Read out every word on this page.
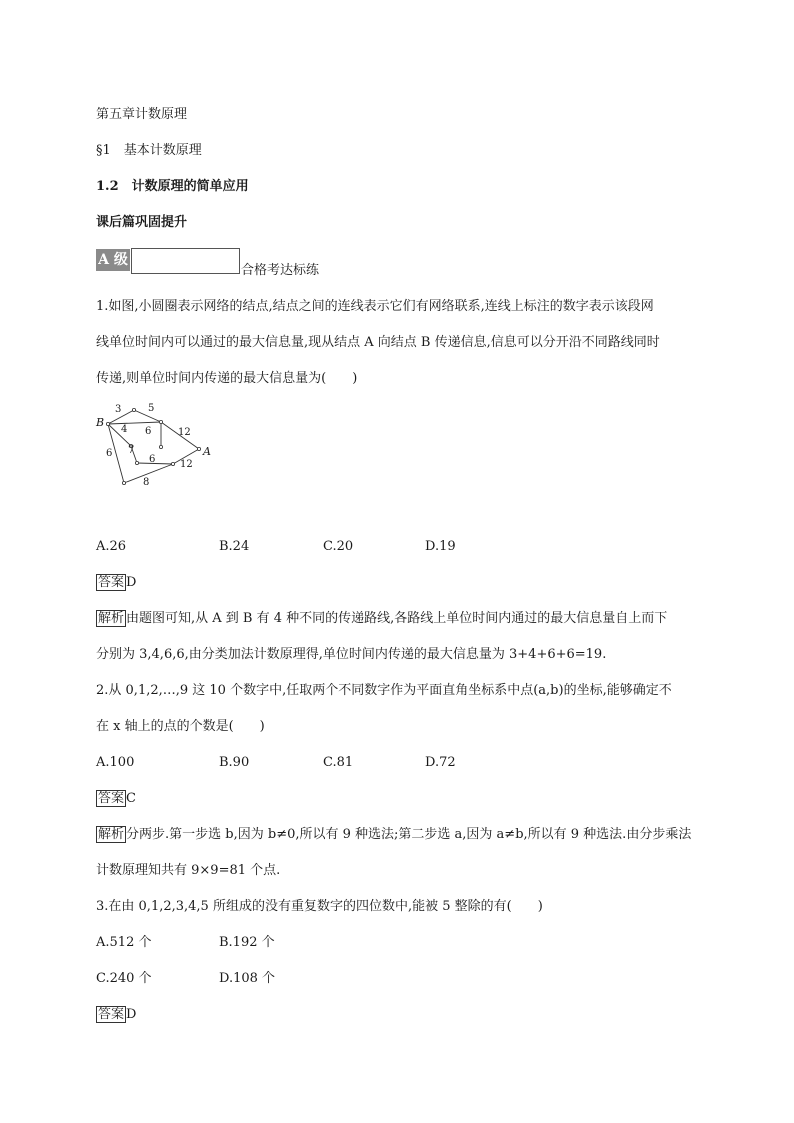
第五章计数原理
§1　基本计数原理
1.2　计数原理的简单应用
课后篇巩固提升
A 级
合格考达标练
1.如图,小圆圈表示网络的结点,结点之间的连线表示它们有网络联系,连线上标注的数字表示该段网
线单位时间内可以通过的最大信息量,现从结点 A 向结点 B 传递信息,信息可以分开沿不同路线同时
传递,则单位时间内传递的最大信息量为(　　)
B
A
3	5
4 6	12
7
6 12
6
8
A.26	B.24	C.20	D.19
答案 D
解析 由题图可知,从 A 到 B 有 4 种不同的传递路线,各路线上单位时间内通过的最大信息量自上而下
分别为 3,4,6,6,由分类加法计数原理得,单位时间内传递的最大信息量为 3+4+6+6=19.
2.从 0,1,2,…,9 这 10 个数字中,任取两个不同数字作为平面直角坐标系中点(a,b)的坐标,能够确定不
在 x 轴上的点的个数是(　　)
A.100	B.90	C.81	D.72
答案 C
解析 分两步.第一步选 b,因为 b≠0,所以有 9 种选法;第二步选 a,因为 a≠b,所以有 9 种选法.由分步乘法
计数原理知共有 9×9=81 个点.
3.在由 0,1,2,3,4,5 所组成的没有重复数字的四位数中,能被 5 整除的有(　　)
A.512 个	B.192 个
C.240 个	D.108 个
答案 D
